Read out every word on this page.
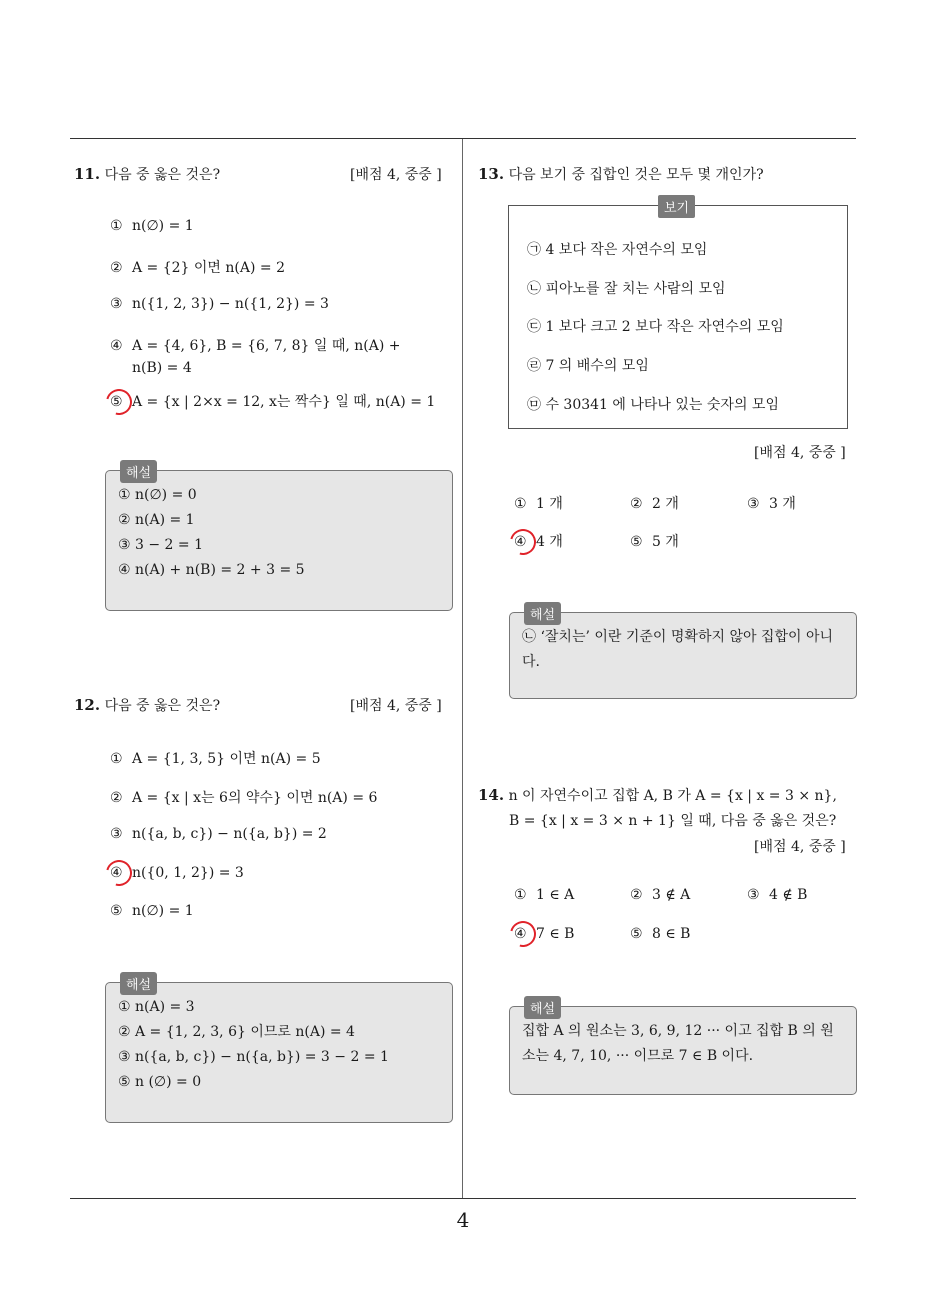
11. 다음 중 옳은 것은?	[배점 4, 중중 ]
① n(∅) = 1
② A = {2} 이면 n(A) = 2
③ n({1, 2, 3}) − n({1, 2}) = 3
④ A = {4, 6}, B = {6, 7, 8} 일 때, n(A) +
n(B) = 4
⑤ A = {x | 2×x = 12, x는 짝수} 일 때, n(A) = 1
해설
① n(∅) = 0
② n(A) = 1
③ 3 − 2 = 1
④ n(A) + n(B) = 2 + 3 = 5
12. 다음 중 옳은 것은?	[배점 4, 중중 ]
① A = {1, 3, 5} 이면 n(A) = 5
② A = {x | x는 6의 약수} 이면 n(A) = 6
③ n({a, b, c}) − n({a, b}) = 2
④ n({0, 1, 2}) = 3
⑤ n(∅) = 1
해설
① n(A) = 3
② A = {1, 2, 3, 6} 이므로 n(A) = 4
③ n({a, b, c}) − n({a, b}) = 3 − 2 = 1
⑤ n (∅) = 0
13. 다음 보기 중 집합인 것은 모두 몇 개인가?
보기
㉠ 4 보다 작은 자연수의 모임
㉡ 피아노를 잘 치는 사람의 모임
㉢ 1 보다 크고 2 보다 작은 자연수의 모임
㉣ 7 의 배수의 모임
㉤ 수 30341 에 나타나 있는 숫자의 모임
[배점 4, 중중 ]
① 1 개	② 2 개	③ 3 개
④ 4 개	⑤ 5 개
해설
㉡ ‘잘치는’ 이란 기준이 명확하지 않아 집합이 아니다.
14. n 이 자연수이고 집합 A, B 가 A = {x | x = 3 × n},
B = {x | x = 3 × n + 1} 일 때, 다음 중 옳은 것은?
[배점 4, 중중 ]
① 1 ∈ A	② 3 ∉ A	③ 4 ∉ B
④ 7 ∈ B	⑤ 8 ∈ B
해설
집합 A 의 원소는 3, 6, 9, 12 ··· 이고 집합 B 의 원소는 4, 7, 10, ··· 이므로 7 ∈ B 이다.
4
